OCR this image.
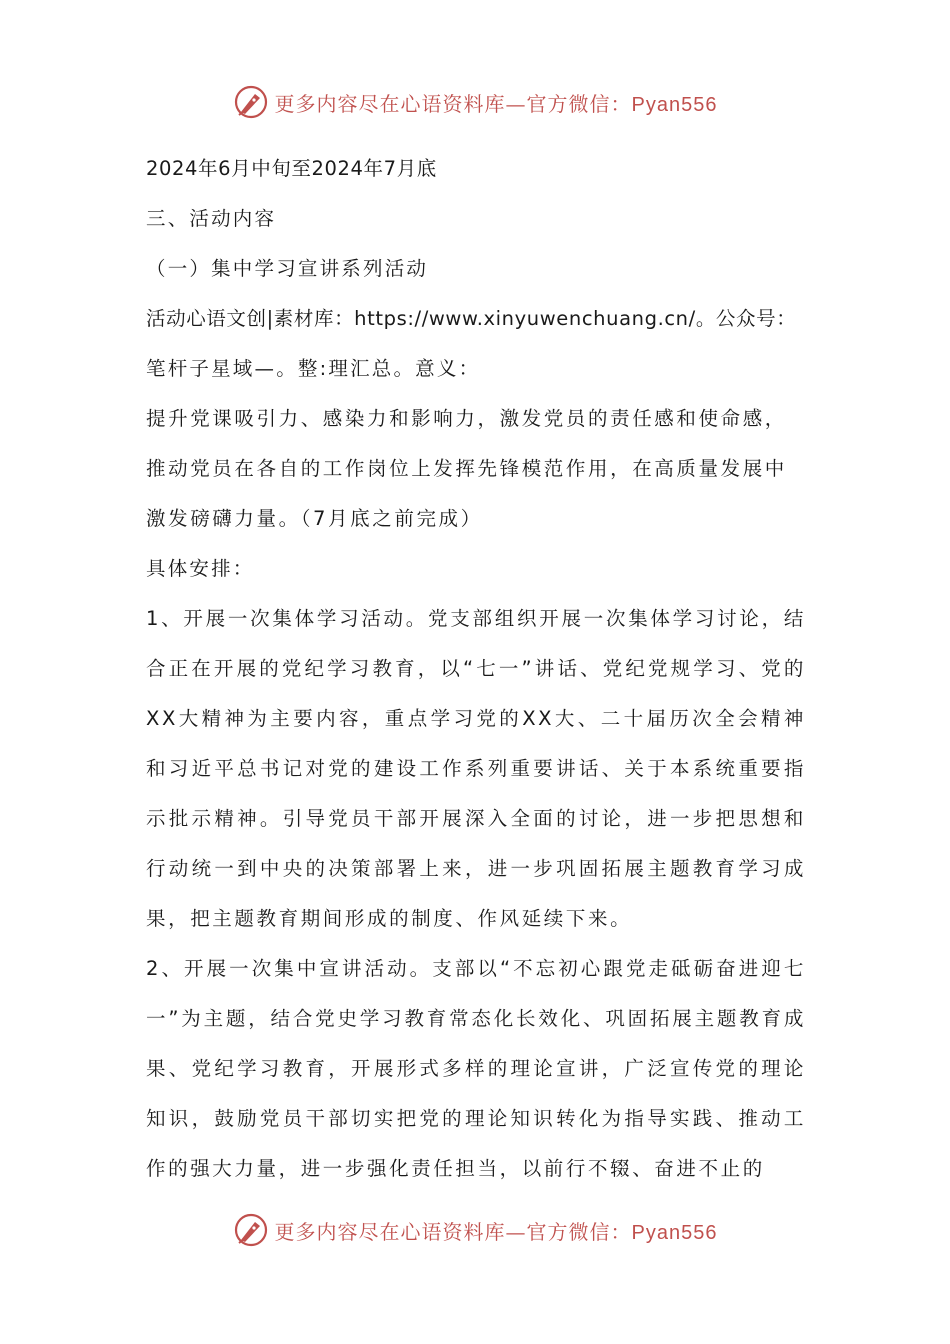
更多内容尽在心语资料库—官方微信：Pyan556
2024年6月中旬至2024年7月底
三、活动内容
（一）集中学习宣讲系列活动
活动心语文创|素材库：https://www.xinyuwenchuang.cn/。公众号：
笔杆子星域—。整:理汇总。意义：
提升党课吸引力、感染力和影响力，激发党员的责任感和使命感，推动党员在各自的工作岗位上发挥先锋模范作用，在高质量发展中激发磅礴力量。（7月底之前完成）
具体安排：
1、开展一次集体学习活动。党支部组织开展一次集体学习讨论，结合正在开展的党纪学习教育，以“七一”讲话、党纪党规学习、党的XX大精神为主要内容，重点学习党的XX大、二十届历次全会精神和习近平总书记对党的建设工作系列重要讲话、关于本系统重要指示批示精神。引导党员干部开展深入全面的讨论，进一步把思想和行动统一到中央的决策部署上来，进一步巩固拓展主题教育学习成果，把主题教育期间形成的制度、作风延续下来。
2、开展一次集中宣讲活动。支部以“不忘初心跟党走砥砺奋进迎七一”为主题，结合党史学习教育常态化长效化、巩固拓展主题教育成果、党纪学习教育，开展形式多样的理论宣讲，广泛宣传党的理论知识，鼓励党员干部切实把党的理论知识转化为指导实践、推动工作的强大力量，进一步强化责任担当，以前行不辍、奋进不止的
更多内容尽在心语资料库—官方微信：Pyan556
